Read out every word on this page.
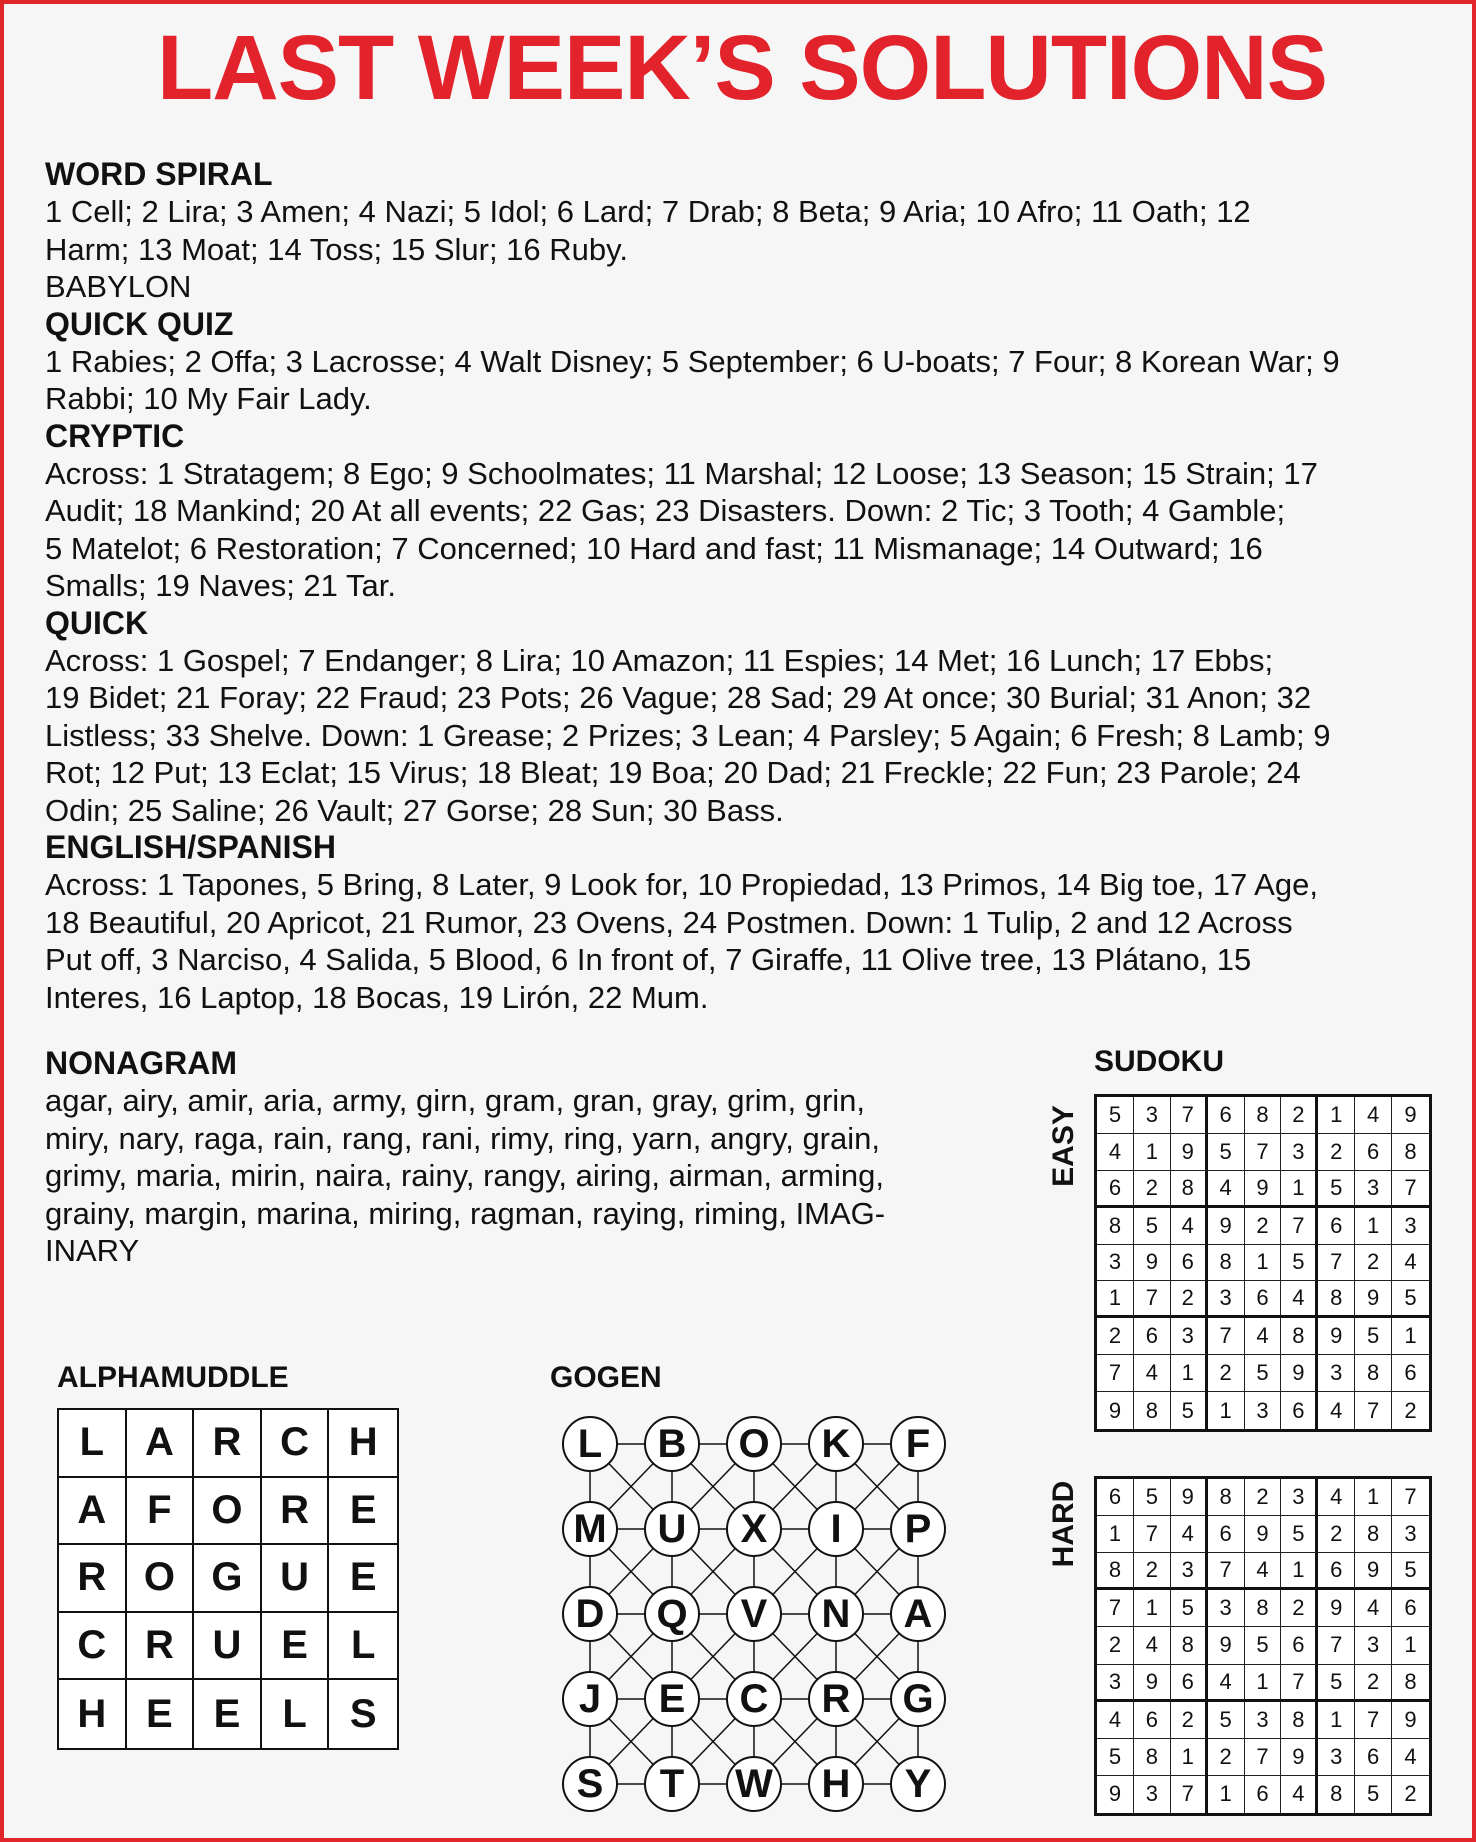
LAST WEEK’S SOLUTIONS

WORD SPIRAL

1 Cell; 2 Lira; 3 Amen; 4 Nazi; 5 Idol; 6 Lard; 7 Drab; 8 Beta; 9 Aria; 10 Afro; 11 Oath; 12
Harm; 13 Moat; 14 Toss; 15 Slur; 16 Ruby.
BABYLON

QUICK QUIZ

1 Rabies; 2 Offa; 3 Lacrosse; 4 Walt Disney; 5 September; 6 U-boats; 7 Four; 8 Korean War; 9
Rabbi; 10 My Fair Lady.

CRYPTIC

Across: 1 Stratagem; 8 Ego; 9 Schoolmates; 11 Marshal; 12 Loose; 13 Season; 15 Strain; 17
Audit; 18 Mankind; 20 At all events; 22 Gas; 23 Disasters. Down: 2 Tic; 3 Tooth; 4 Gamble;
5 Matelot; 6 Restoration; 7 Concerned; 10 Hard and fast; 11 Mismanage; 14 Outward; 16
Smalls; 19 Naves; 21 Tar.

QUICK

Across: 1 Gospel; 7 Endanger; 8 Lira; 10 Amazon; 11 Espies; 14 Met; 16 Lunch; 17 Ebbs;
19 Bidet; 21 Foray; 22 Fraud; 23 Pots; 26 Vague; 28 Sad; 29 At once; 30 Burial; 31 Anon; 32
Listless; 33 Shelve. Down: 1 Grease; 2 Prizes; 3 Lean; 4 Parsley; 5 Again; 6 Fresh; 8 Lamb; 9
Rot; 12 Put; 13 Eclat; 15 Virus; 18 Bleat; 19 Boa; 20 Dad; 21 Freckle; 22 Fun; 23 Parole; 24
Odin; 25 Saline; 26 Vault; 27 Gorse; 28 Sun; 30 Bass.

ENGLISH/SPANISH

Across: 1 Tapones, 5 Bring, 8 Later, 9 Look for, 10 Propiedad, 13 Primos, 14 Big toe, 17 Age,
18 Beautiful, 20 Apricot, 21 Rumor, 23 Ovens, 24 Postmen. Down: 1 Tulip, 2 and 12 Across
Put off, 3 Narciso, 4 Salida, 5 Blood, 6 In front of, 7 Giraffe, 11 Olive tree, 13 Plátano, 15
Interes, 16 Laptop, 18 Bocas, 19 Lirón, 22 Mum.

NONAGRAM

agar, airy, amir, aria, army, girn, gram, gran, gray, grim, grin,
miry, nary, raga, rain, rang, rani, rimy, ring, yarn, angry, grain,
grimy, maria, mirin, naira, rainy, rangy, airing, airman, arming,
grainy, margin, marina, miring, ragman, raying, riming, IMAG-
INARY

SUDOKU
EASY	5	3	7	6	8	2	1	4	9
4	1	9	5	7	3	2	6	8
6	2	8	4	9	1	5	3	7
8	5	4	9	2	7	6	1	3
3	9	6	8	1	5	7	2	4
1	7	2	3	6	4	8	9	5
2	6	3	7	4	8	9	5	1
7	4	1	2	5	9	3	8	6
9	8	5	1	3	6	4	7	2
HARD	6	5	9	8	2	3	4	1	7
1	7	4	6	9	5	2	8	3
8	2	3	7	4	1	6	9	5
7	1	5	3	8	2	9	4	6
2	4	8	9	5	6	7	3	1
3	9	6	4	1	7	5	2	8
4	6	2	5	3	8	1	7	9
5	8	1	2	7	9	3	6	4
9	3	7	1	6	4	8	5	2
ALPHAMUDDLE
L	A R C H
A	F O R	E
R O G U	E
C R U E	L
H E	E	L	S
GOGEN
L	B	O	K	F
M	U	X	I	P
D	Q	V	N	A
J	E	C	R	G
S	T	W	H	Y
